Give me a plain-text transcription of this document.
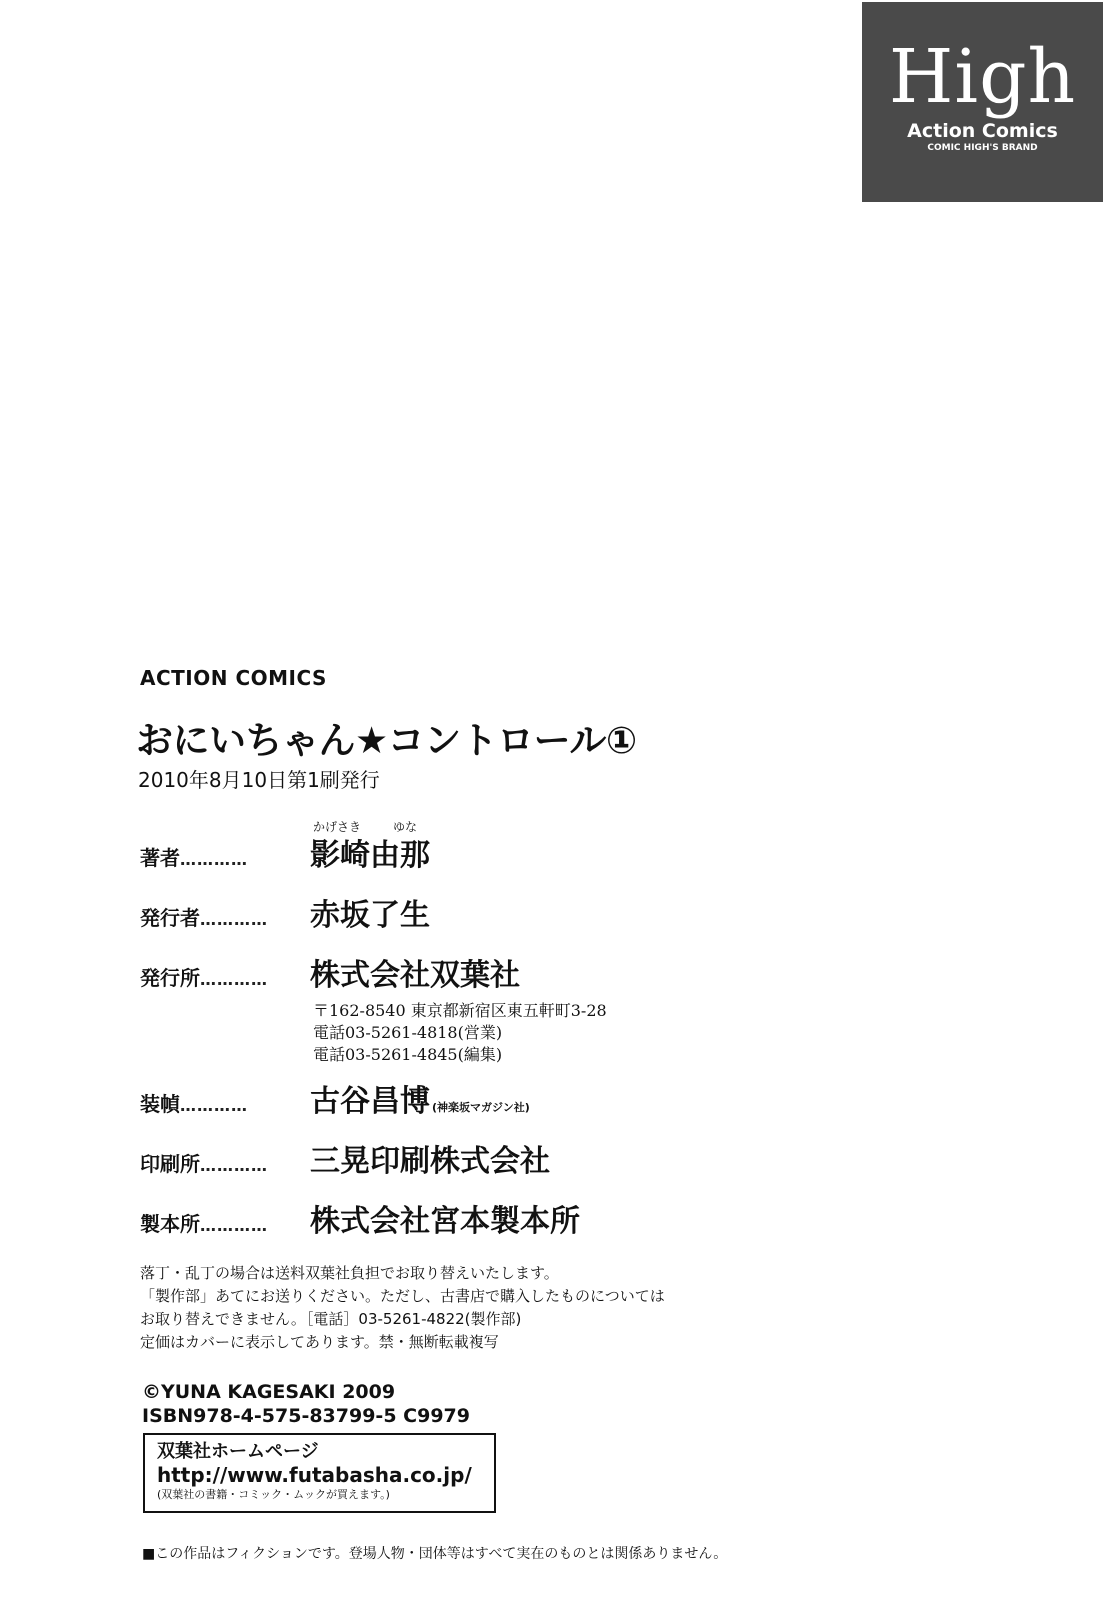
High
Action Comics
COMIC HIGH'S BRAND
ACTION COMICS
おにいちゃん★コントロール①
2010年8月10日第1刷発行
かげさき	ゆな
著者…………	影崎由那
発行者…………	赤坂了生
発行所…………	株式会社双葉社
〒162-8540 東京都新宿区東五軒町3-28
電話03-5261-4818(営業)
電話03-5261-4845(編集)
装幀…………	古谷昌博 (神楽坂マガジン社)
印刷所…………	三晃印刷株式会社
製本所…………	株式会社宮本製本所
落丁・乱丁の場合は送料双葉社負担でお取り替えいたします。
「製作部」あてにお送りください。ただし、古書店で購入したものについては
お取り替えできません。［電話］03-5261-4822(製作部)
定価はカバーに表示してあります。禁・無断転載複写
©YUNA KAGESAKI 2009
ISBN978-4-575-83799-5 C9979
双葉社ホームページ
http://www.futabasha.co.jp/
(双葉社の書籍・コミック・ムックが買えます。)
■この作品はフィクションです。登場人物・団体等はすべて実在のものとは関係ありません。
